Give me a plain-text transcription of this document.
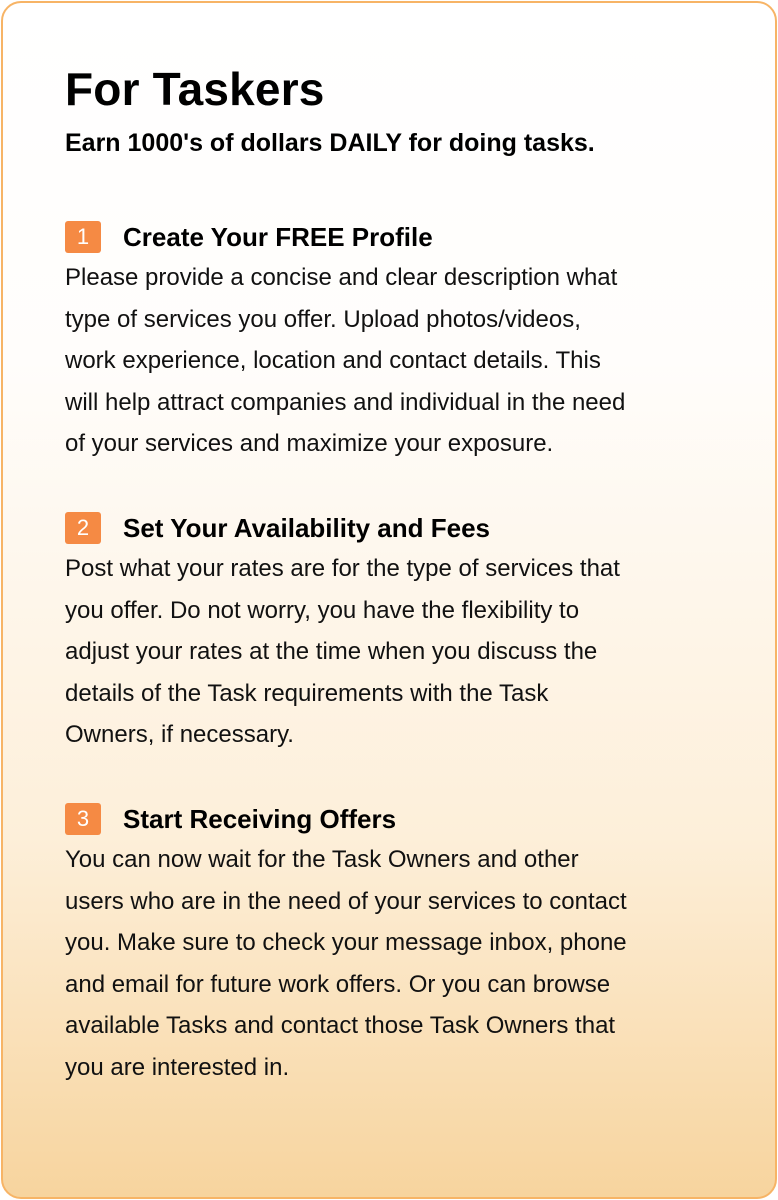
For Taskers

Earn 1000's of dollars DAILY for doing tasks.

1	Create Your FREE Profile
Please provide a concise and clear description what
type of services you offer. Upload photos/videos,
work experience, location and contact details. This
will help attract companies and individual in the need
of your services and maximize your exposure.
2	Set Your Availability and Fees
Post what your rates are for the type of services that
you offer. Do not worry, you have the flexibility to
adjust your rates at the time when you discuss the
details of the Task requirements with the Task
Owners, if necessary.
3	Start Receiving Offers
You can now wait for the Task Owners and other
users who are in the need of your services to contact
you. Make sure to check your message inbox, phone
and email for future work offers. Or you can browse
available Tasks and contact those Task Owners that
you are interested in.
